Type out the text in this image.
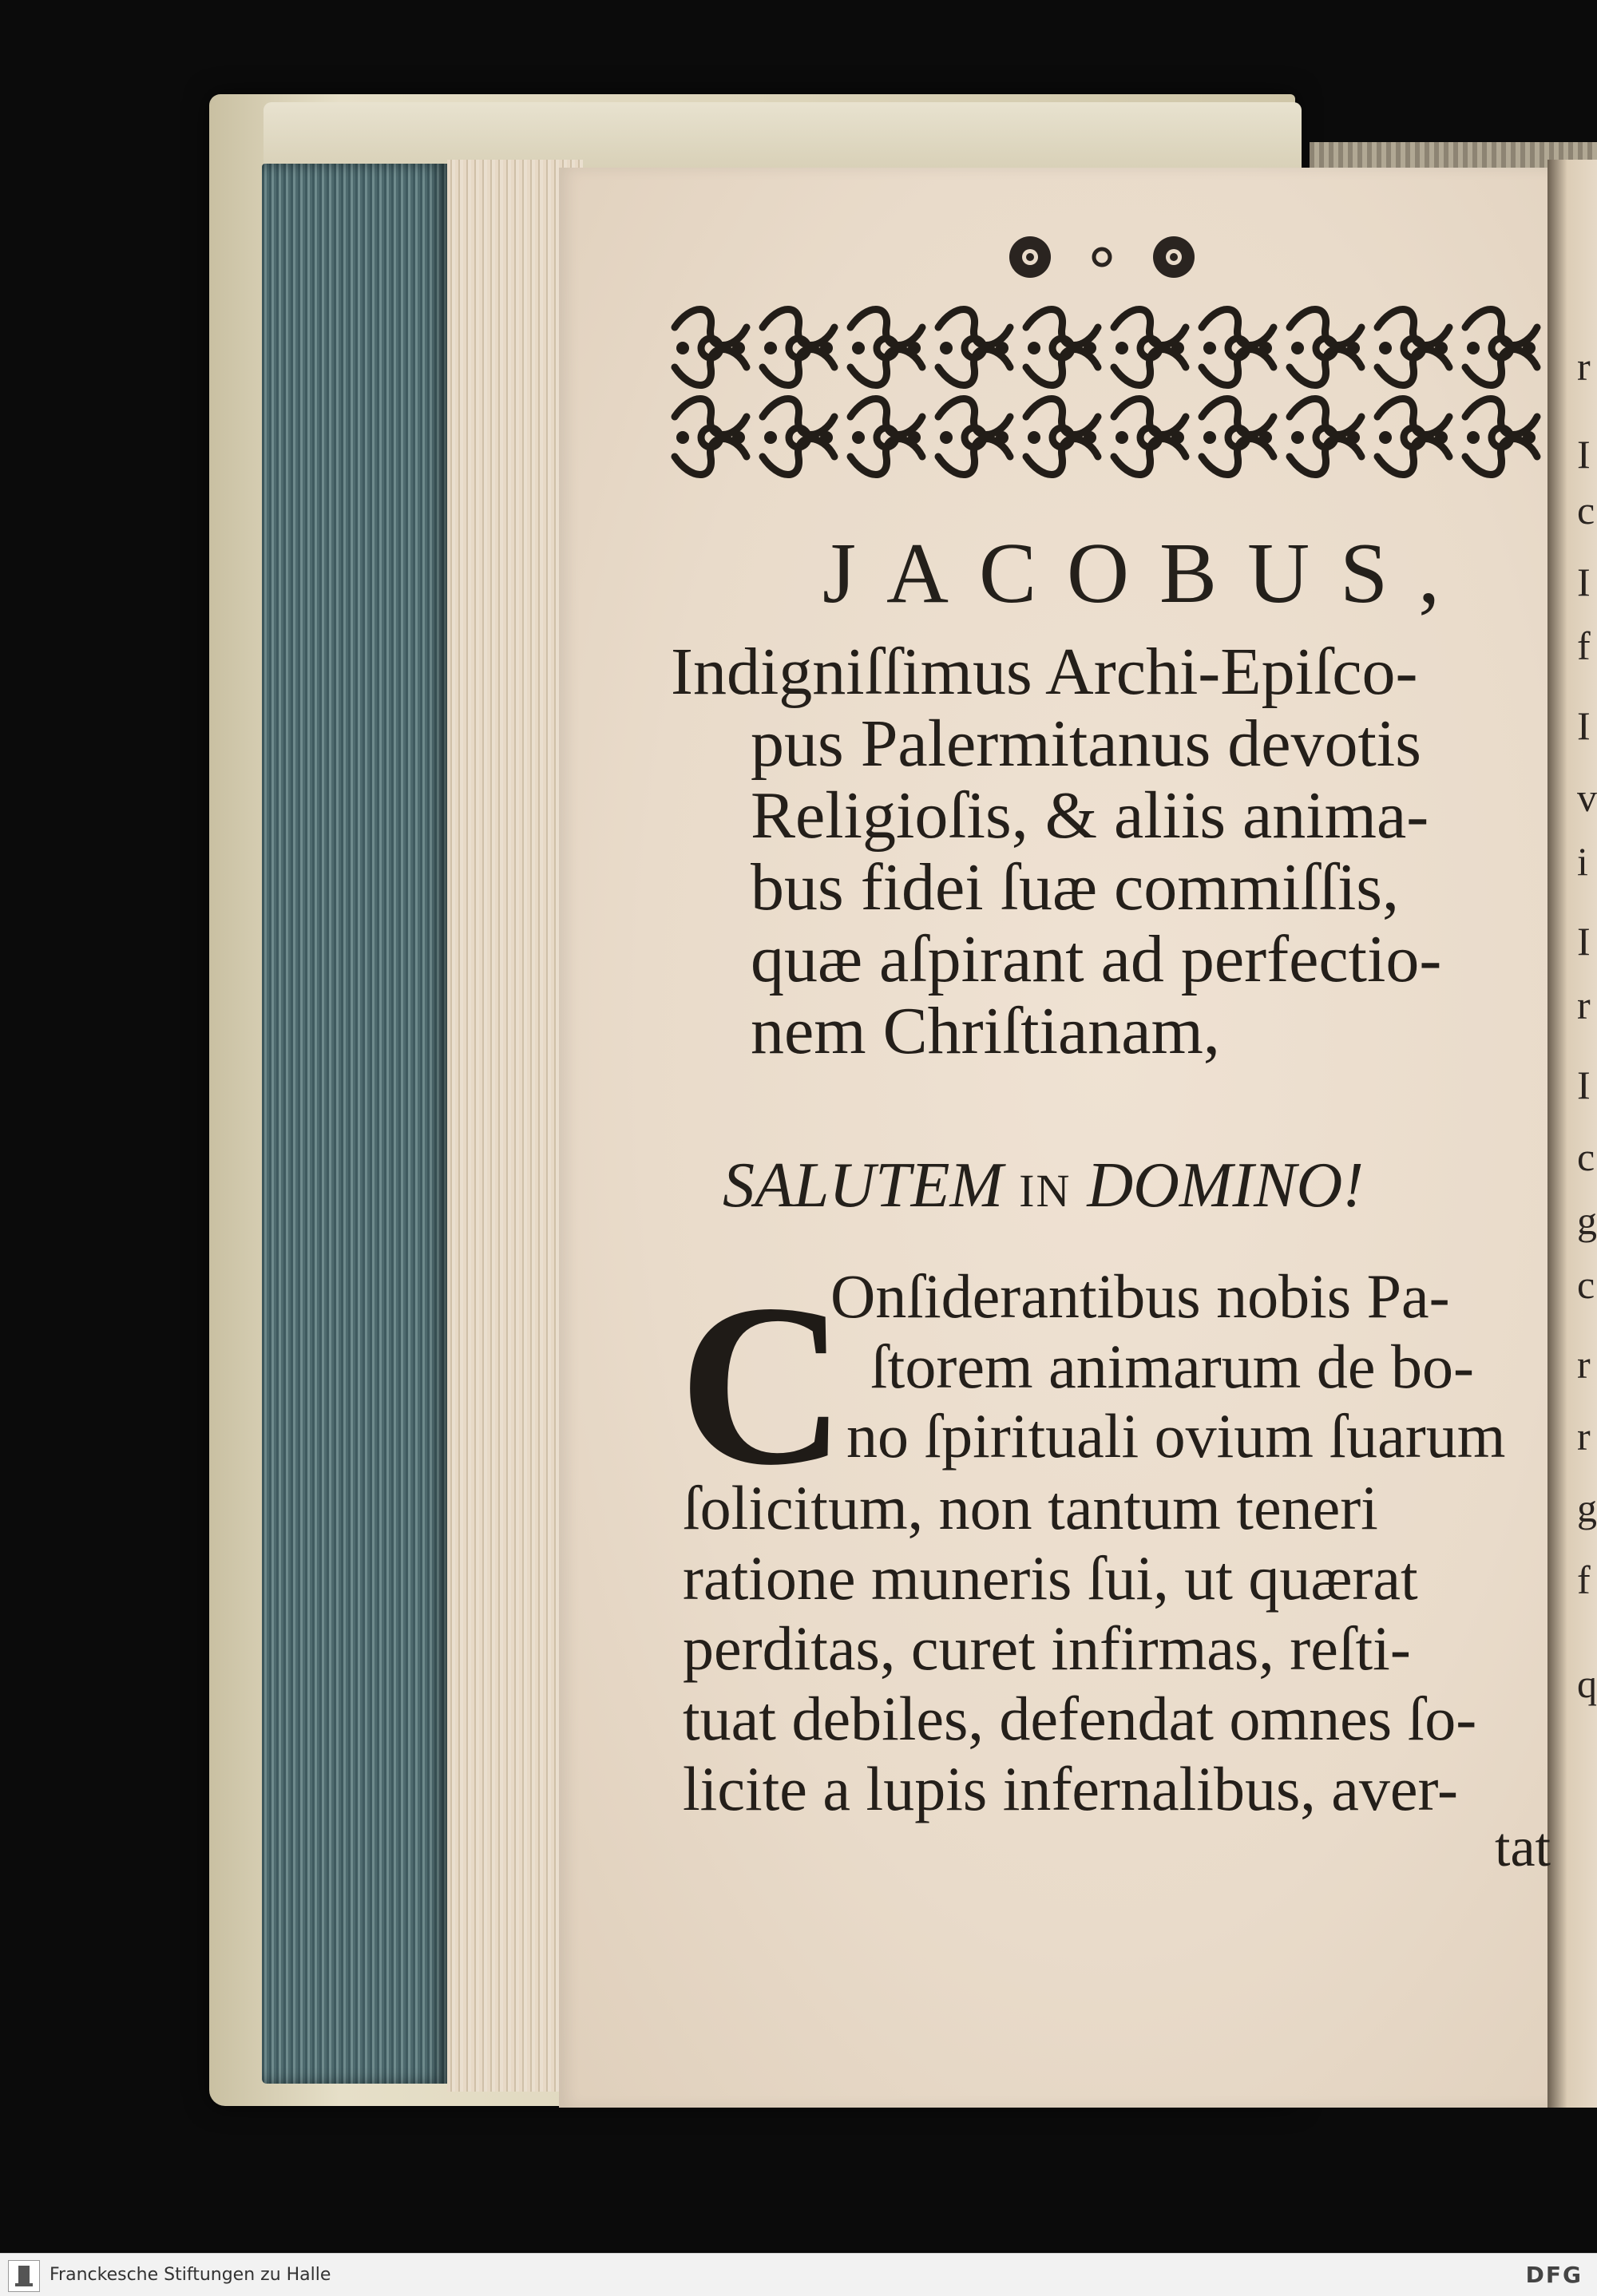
r
I
c
I
f
I
v
i
I
r
I
c
g
c
r
r
g
f
q
JACOBUS,
Indigniſſimus Archi-Epiſco-
pus Palermitanus devotis
Religioſis, & aliis anima-
bus fidei ſuæ commiſſis,
quæ aſpirant ad perfectio-
nem Chriſtianam,
SALUTEM IN DOMINO!
C
Onſiderantibus nobis Pa-
ſtorem animarum de bo-
no ſpirituali ovium ſuarum
ſolicitum, non tantum teneri
ratione muneris ſui, ut quærat
perditas, curet infirmas, reſti-
tuat debiles, defendat omnes ſo-
licite a lupis infernalibus, aver-
tat
Franckesche Stiftungen zu Halle	DFG
